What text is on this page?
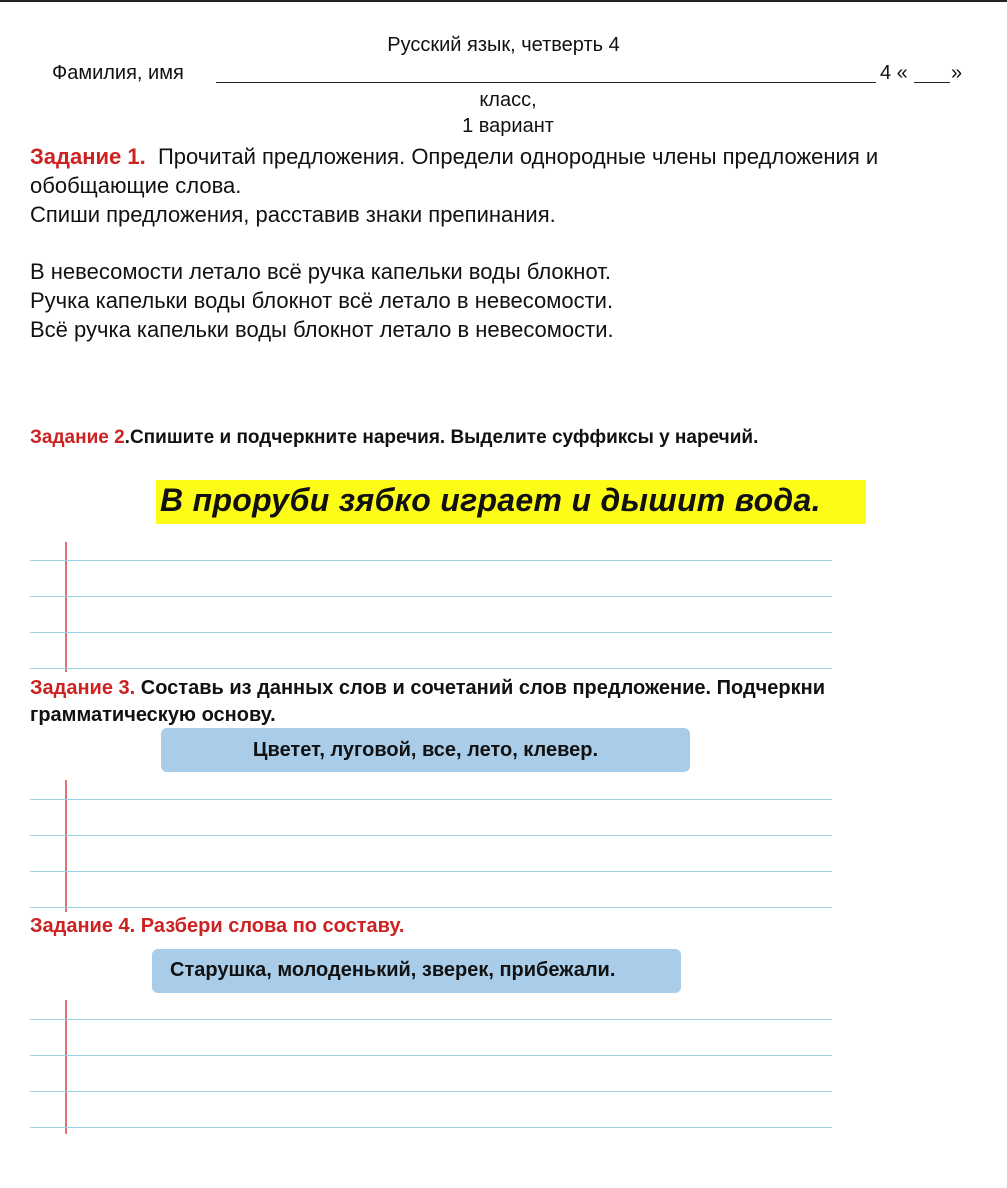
Русский язык, четверть 4
Фамилия, имя	4 « »
класс,
1 вариант

Задание 1. Прочитай предложения. Определи однородные члены предложения и обобщающие слова.

Спиши предложения, расставив знаки препинания.

В невесомости летало всё ручка капельки воды блокнот.
Ручка капельки воды блокнот всё летало в невесомости.
Всё ручка капельки воды блокнот летало в невесомости.
Задание 2.Спишите и подчеркните наречия. Выделите суффиксы у наречий.
В проруби зябко играет и дышит вода.
Задание 3. Составь из данных слов и сочетаний слов предложение. Подчеркни грамматическую основу.
Цветет, луговой, все, лето, клевер.
Задание 4. Разбери слова по составу.
Старушка, молоденький, зверек, прибежали.
